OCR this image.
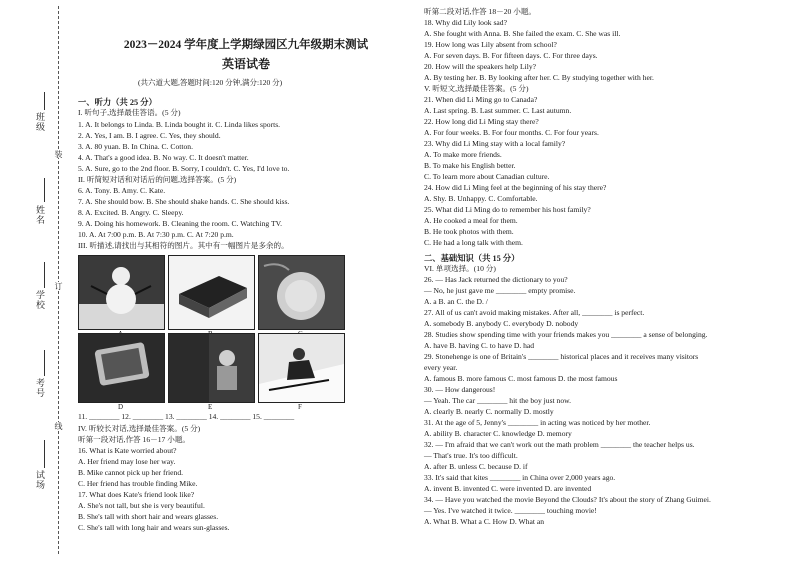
班级
姓名
学校
考号
试场
装
订
线
2023－2024 学年度上学期绿园区九年级期末测试
英语试卷
(共六道大题,答题时间:120 分钟,满分:120 分)
一、听力（共 25 分）
I. 听句子,选择最佳答语。(5 分)
1. A. It belongs to Linda. B. Linda bought it. C. Linda likes sports.
2. A. Yes, I am. B. I agree. C. Yes, they should.
3. A. 80 yuan. B. In China. C. Cotton.
4. A. That's a good idea. B. No way. C. It doesn't matter.
5. A. Sure, go to the 2nd floor. B. Sorry, I couldn't. C. Yes, I'd love to.
II. 听简短对话和对话后的问题,选择答案。(5 分)
6. A. Tony. B. Amy. C. Kate.
7. A. She should bow. B. She should shake hands. C. She should kiss.
8. A. Excited. B. Angry. C. Sleepy.
9. A. Doing his homework. B. Cleaning the room. C. Watching TV.
10. A. At 7:00 p.m. B. At 7:30 p.m. C. At 7:20 p.m.
III. 听描述,请找出与其相符的图片。其中有一幅图片是多余的。
D	E	F
11. ________ 12. ________ 13. ________ 14. ________ 15. ________
IV. 听较长对话,选择最佳答案。(5 分)
听第一段对话,作答 16－17 小题。
16. What is Kate worried about?
A. Her friend may lose her way.
B. Mike cannot pick up her friend.
C. Her friend has trouble finding Mike.
17. What does Kate's friend look like?
A. She's not tall, but she is very beautiful.
B. She's tall with short hair and wears glasses.
C. She's tall with long hair and wears sun-glasses.
听第二段对话,作答 18－20 小题。
18. Why did Lily look sad?
A. She fought with Anna. B. She failed the exam. C. She was ill.
19. How long was Lily absent from school?
A. For seven days. B. For fifteen days. C. For three days.
20. How will the speakers help Lily?
A. By testing her. B. By looking after her. C. By studying together with her.
V. 听短文,选择最佳答案。(5 分)
21. When did Li Ming go to Canada?
A. Last spring. B. Last summer. C. Last autumn.
22. How long did Li Ming stay there?
A. For four weeks. B. For four months. C. For four years.
23. Why did Li Ming stay with a local family?
A. To make more friends.
B. To make his English better.
C. To learn more about Canadian culture.
24. How did Li Ming feel at the beginning of his stay there?
A. Shy. B. Unhappy. C. Comfortable.
25. What did Li Ming do to remember his host family?
A. He cooked a meal for them.
B. He took photos with them.
C. He had a long talk with them.
二、基础知识（共 15 分）
VI. 单项选择。(10 分)
26. — Has Jack returned the dictionary to you?
— No, he just gave me ________ empty promise.
A. a B. an C. the D. /
27. All of us can't avoid making mistakes. After all, ________ is perfect.
A. somebody B. anybody C. everybody D. nobody
28. Studies show spending time with your friends makes you ________ a sense of belonging.
A. have B. having C. to have D. had
29. Stonehenge is one of Britain's ________ historical places and it receives many visitors
every year.
A. famous B. more famous C. most famous D. the most famous
30. — How dangerous!
— Yeah. The car ________ hit the boy just now.
A. clearly B. nearly C. normally D. mostly
31. At the age of 5, Jenny's ________ in acting was noticed by her mother.
A. ability B. character C. knowledge D. memory
32. — I'm afraid that we can't work out the math problem ________ the teacher helps us.
— That's true. It's too difficult.
A. after B. unless C. because D. if
33. It's said that kites ________ in China over 2,000 years ago.
A. invent B. invented C. were invented D. are invented
34. — Have you watched the movie Beyond the Clouds? It's about the story of Zhang Guimei.
— Yes. I've watched it twice. ________ touching movie!
A. What B. What a C. How D. What an
